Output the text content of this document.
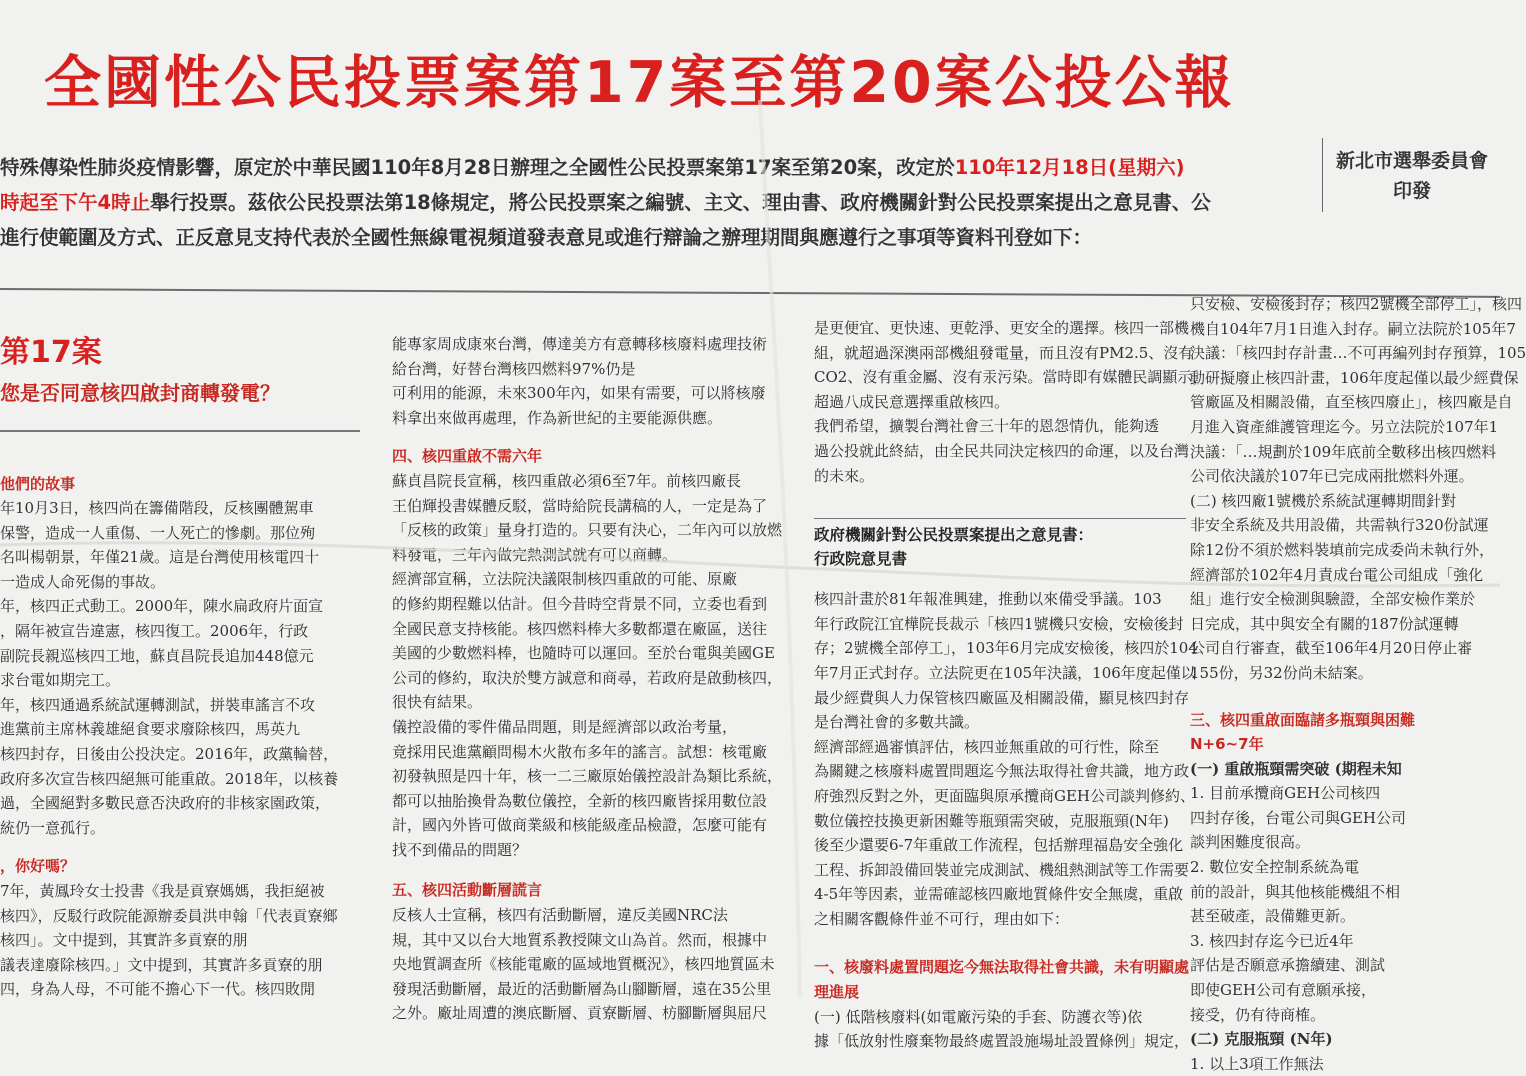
全國性公民投票案第17案至第20案公投公報
特殊傳染性肺炎疫情影響，原定於中華民國110年8月28日辦理之全國性公民投票案第17案至第20案，改定於110年12月18日(星期六)
時起至下午4時止舉行投票。茲依公民投票法第18條規定，將公民投票案之編號、主文、理由書、政府機關針對公民投票案提出之意見書、公
進行使範圍及方式、正反意見支持代表於全國性無線電視頻道發表意見或進行辯論之辦理期間與應遵行之事項等資料刊登如下：
新北市選舉委員會
印發
第17案
您是否同意核四啟封商轉發電？

他們的故事

年10月3日，核四尚在籌備階段，反核團體駕車

保警，造成一人重傷、一人死亡的慘劇。那位殉

名叫楊朝景，年僅21歲。這是台灣使用核電四十

一造成人命死傷的事故。

年，核四正式動工。2000年，陳水扁政府片面宣

，隔年被宣告違憲，核四復工。2006年，行政

副院長親巡核四工地，蘇貞昌院長追加448億元

求台電如期完工。

年，核四通過系統試運轉測試，拼裝車謠言不攻

進黨前主席林義雄絕食要求廢除核四，馬英九

核四封存，日後由公投決定。2016年，政黨輪替，

政府多次宣告核四絕無可能重啟。2018年，以核養

過，全國絕對多數民意否決政府的非核家園政策，

統仍一意孤行。

，你好嗎？

7年，黃鳳玲女士投書《我是貢寮媽媽，我拒絕被

核四》，反駁行政院能源辦委員洪申翰「代表貢寮鄉

核四」。文中提到，其實許多貢寮的朋

議表達廢除核四。」文中提到，其實許多貢寮的朋

四，身為人母，不可能不擔心下一代。核四敗閒

能專家周成康來台灣，傳達美方有意轉移核廢料處理技術

給台灣，好替台灣核四燃料97%仍是

可利用的能源，未來300年內，如果有需要，可以將核廢

料拿出來做再處理，作為新世紀的主要能源供應。

四、核四重啟不需六年

蘇貞昌院長宣稱，核四重啟必須6至7年。前核四廠長

王伯輝投書媒體反駁，當時給院長講稿的人，一定是為了

「反核的政策」量身打造的。只要有決心，二年內可以放燃

料發電，三年內做完熱測試就有可以商轉。

經濟部宣稱，立法院決議限制核四重啟的可能、原廠

的修約期程難以估計。但今昔時空背景不同，立委也看到

全國民意支持核能。核四燃料棒大多數都還在廠區，送往

美國的少數燃料棒，也隨時可以運回。至於台電與美國GE

公司的修約，取決於雙方誠意和商尋，若政府是啟動核四，

很快有結果。

儀控設備的零件備品問題，則是經濟部以政治考量，

竟採用民進黨顧問楊木火散布多年的謠言。試想：核電廠

初發執照是四十年，核一二三廠原始儀控設計為類比系統，

都可以抽胎換骨為數位儀控，全新的核四廠皆採用數位設

計，國內外皆可做商業級和核能級產品檢證，怎麼可能有

找不到備品的問題？

五、核四活動斷層謊言

反核人士宣稱，核四有活動斷層，違反美國NRC法

規，其中又以台大地質系教授陳文山為首。然而，根據中

央地質調查所《核能電廠的區域地質概況》，核四地質區未

發現活動斷層，最近的活動斷層為山腳斷層，遠在35公里

之外。廠址周遭的澳底斷層、貢寮斷層、枋腳斷層與屈尺

是更便宜、更快速、更乾淨、更安全的選擇。核四一部機

組，就超過深澳兩部機組發電量，而且沒有PM2.5、沒有

CO2、沒有重金屬、沒有汞污染。當時即有媒體民調顯示，

超過八成民意選擇重啟核四。

我們希望，擴製台灣社會三十年的恩怨情仇，能夠透

過公投就此終結，由全民共同決定核四的命運，以及台灣

的未來。

政府機關針對公民投票案提出之意見書：
行政院意見書

核四計畫於81年報准興建，推動以來備受爭議。103

年行政院江宜樺院長裁示「核四1號機只安檢，安檢後封

存；2號機全部停工」，103年6月完成安檢後，核四於104

年7月正式封存。立法院更在105年決議，106年度起僅以

最少經費與人力保管核四廠區及相關設備，顯見核四封存

是台灣社會的多數共識。

經濟部經過審慎評估，核四並無重啟的可行性，除至

為關鍵之核廢料處置問題迄今無法取得社會共識，地方政

府強烈反對之外，更面臨與原承攬商GEH公司談判修約、

數位儀控技換更新困難等瓶頸需突破，克服瓶頸(N年)

後至少還要6-7年重啟工作流程，包括辦理福島安全強化

工程、拆卸設備回裝並完成測試、機組熱測試等工作需要

4-5年等因素，並需確認核四廠地質條件安全無虞，重啟

之相關客觀條件並不可行，理由如下：

一、核廢料處置問題迄今無法取得社會共識，未有明顯處

理進展

(一) 低階核廢料(如電廠污染的手套、防護衣等)依

據「低放射性廢棄物最終處置設施場址設置條例」規定，

只安檢、安檢後封存；核四2號機全部停工」，核四

機自104年7月1日進入封存。嗣立法院於105年7

決議：「核四封存計畫…不可再編列封存預算，105

動研擬廢止核四計畫，106年度起僅以最少經費保

管廠區及相關設備，直至核四廢止」，核四廠是自

月進入資產維護管理迄今。另立法院於107年1

決議：「…規劃於109年底前全數移出核四燃料

公司依決議於107年已完成兩批燃料外運。

(二) 核四廠1號機於系統試運轉期間針對

非安全系統及共用設備，共需執行320份試運

除12份不須於燃料裝填前完成委尚未執行外，

經濟部於102年4月責成台電公司組成「強化

組」進行安全檢測與驗證，全部安檢作業於

日完成，其中與安全有關的187份試運轉

公司自行審查，截至106年4月20日停止審

155份，另32份尚未結案。

三、核四重啟面臨諸多瓶頸與困難

N+6~7年

(一) 重啟瓶頸需突破 (期程未知

1. 目前承攬商GEH公司核四

四封存後，台電公司與GEH公司

談判困難度很高。

2. 數位安全控制系統為電

前的設計，與其他核能機組不相

甚至破產，設備難更新。

3. 核四封存迄今已近4年

評估是否願意承擔續建、測試

即使GEH公司有意願承接，

接受，仍有待商榷。

(二) 克服瓶頸 (N年)

1. 以上3項工作無法
